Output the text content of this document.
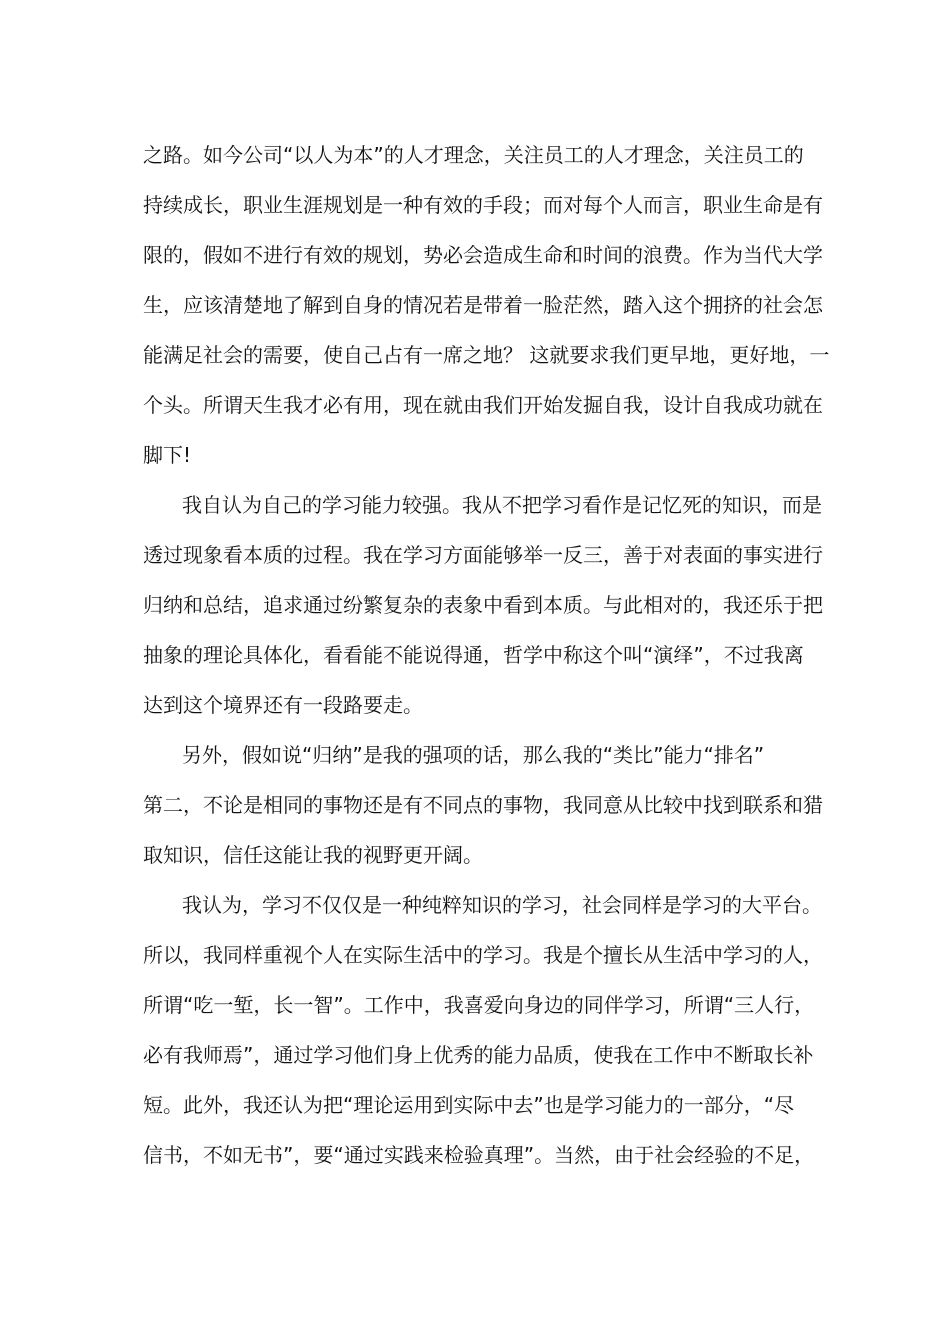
之路。如今公司“以人为本”的人才理念，关注员工的人才理念，关注员工的
持续成长，职业生涯规划是一种有效的手段；而对每个人而言，职业生命是有
限的，假如不进行有效的规划，势必会造成生命和时间的浪费。作为当代大学
生，应该清楚地了解到自身的情况若是带着一脸茫然，踏入这个拥挤的社会怎
能满足社会的需要，使自己占有一席之地？ 这就要求我们更早地，更好地，一
个头。所谓天生我才必有用，现在就由我们开始发掘自我，设计自我成功就在
脚下!
我自认为自己的学习能力较强。我从不把学习看作是记忆死的知识，而是
透过现象看本质的过程。我在学习方面能够举一反三，善于对表面的事实进行
归纳和总结，追求通过纷繁复杂的表象中看到本质。与此相对的，我还乐于把
抽象的理论具体化，看看能不能说得通，哲学中称这个叫“演绎”，不过我离
达到这个境界还有一段路要走。
另外，假如说“归纳”是我的强项的话，那么我的“类比”能力“排名”
第二，不论是相同的事物还是有不同点的事物，我同意从比较中找到联系和猎
取知识，信任这能让我的视野更开阔。
我认为，学习不仅仅是一种纯粹知识的学习，社会同样是学习的大平台。
所以，我同样重视个人在实际生活中的学习。我是个擅长从生活中学习的人，
所谓“吃一堑，长一智”。工作中，我喜爱向身边的同伴学习，所谓“三人行，
必有我师焉”，通过学习他们身上优秀的能力品质，使我在工作中不断取长补
短。此外，我还认为把“理论运用到实际中去”也是学习能力的一部分，“尽
信书，不如无书”，要“通过实践来检验真理”。当然，由于社会经验的不足，
